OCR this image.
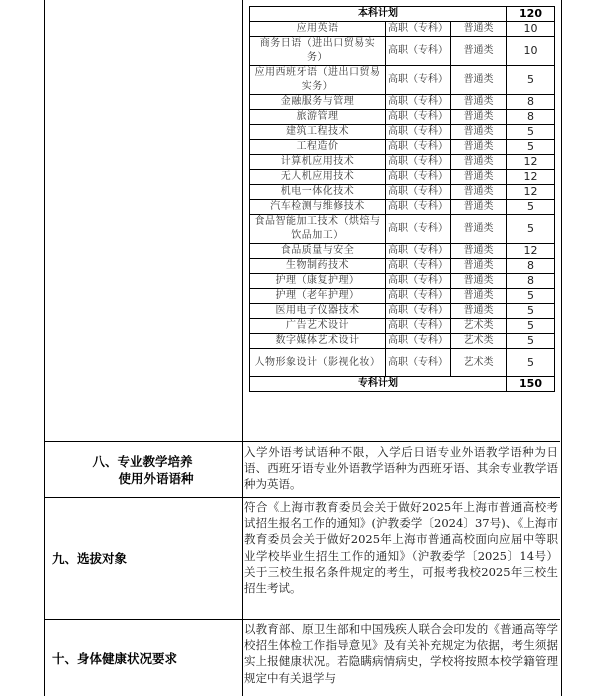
本科计划			120
应用英语	高职（专科）	普通类	10
商务日语（进出口贸易实务）	高职（专科）	普通类	10
应用西班牙语（进出口贸易实务）	高职（专科）	普通类	5
金融服务与管理	高职（专科）	普通类	8
旅游管理	高职（专科）	普通类	8
建筑工程技术	高职（专科）	普通类	5
工程造价	高职（专科）	普通类	5
计算机应用技术	高职（专科）	普通类	12
无人机应用技术	高职（专科）	普通类	12
机电一体化技术	高职（专科）	普通类	12
汽车检测与维修技术	高职（专科）	普通类	5
食品智能加工技术（烘焙与饮品加工）	高职（专科）	普通类	5
食品质量与安全	高职（专科）	普通类	12
生物制药技术	高职（专科）	普通类	8
护理（康复护理）	高职（专科）	普通类	8
护理（老年护理）	高职（专科）	普通类	5
医用电子仪器技术	高职（专科）	普通类	5
广告艺术设计	高职（专科）	艺术类	5
数字媒体艺术设计	高职（专科）	艺术类	5
人物形象设计（影视化妆）	高职（专科）	艺术类	5
专科计划			150
八、专业教学培养
使用外语语种
入学外语考试语种不限，入学后日语专业外语教学语种为日语、西班牙语专业外语教学语种为西班牙语、其余专业教学语种为英语。
九、选拔对象
符合《上海市教育委员会关于做好2025年上海市普通高校考试招生报名工作的通知》(沪教委学〔2024〕37号)、《上海市教育委员会关于做好2025年上海市普通高校面向应届中等职业学校毕业生招生工作的通知》（沪教委学〔2025〕14号）关于三校生报名条件规定的考生，可报考我校2025年三校生招生考试。
十、身体健康状况要求
以教育部、原卫生部和中国残疾人联合会印发的《普通高等学校招生体检工作指导意见》及有关补充规定为依据，考生须据实上报健康状况。若隐瞒病情病史，学校将按照本校学籍管理规定中有关退学与
